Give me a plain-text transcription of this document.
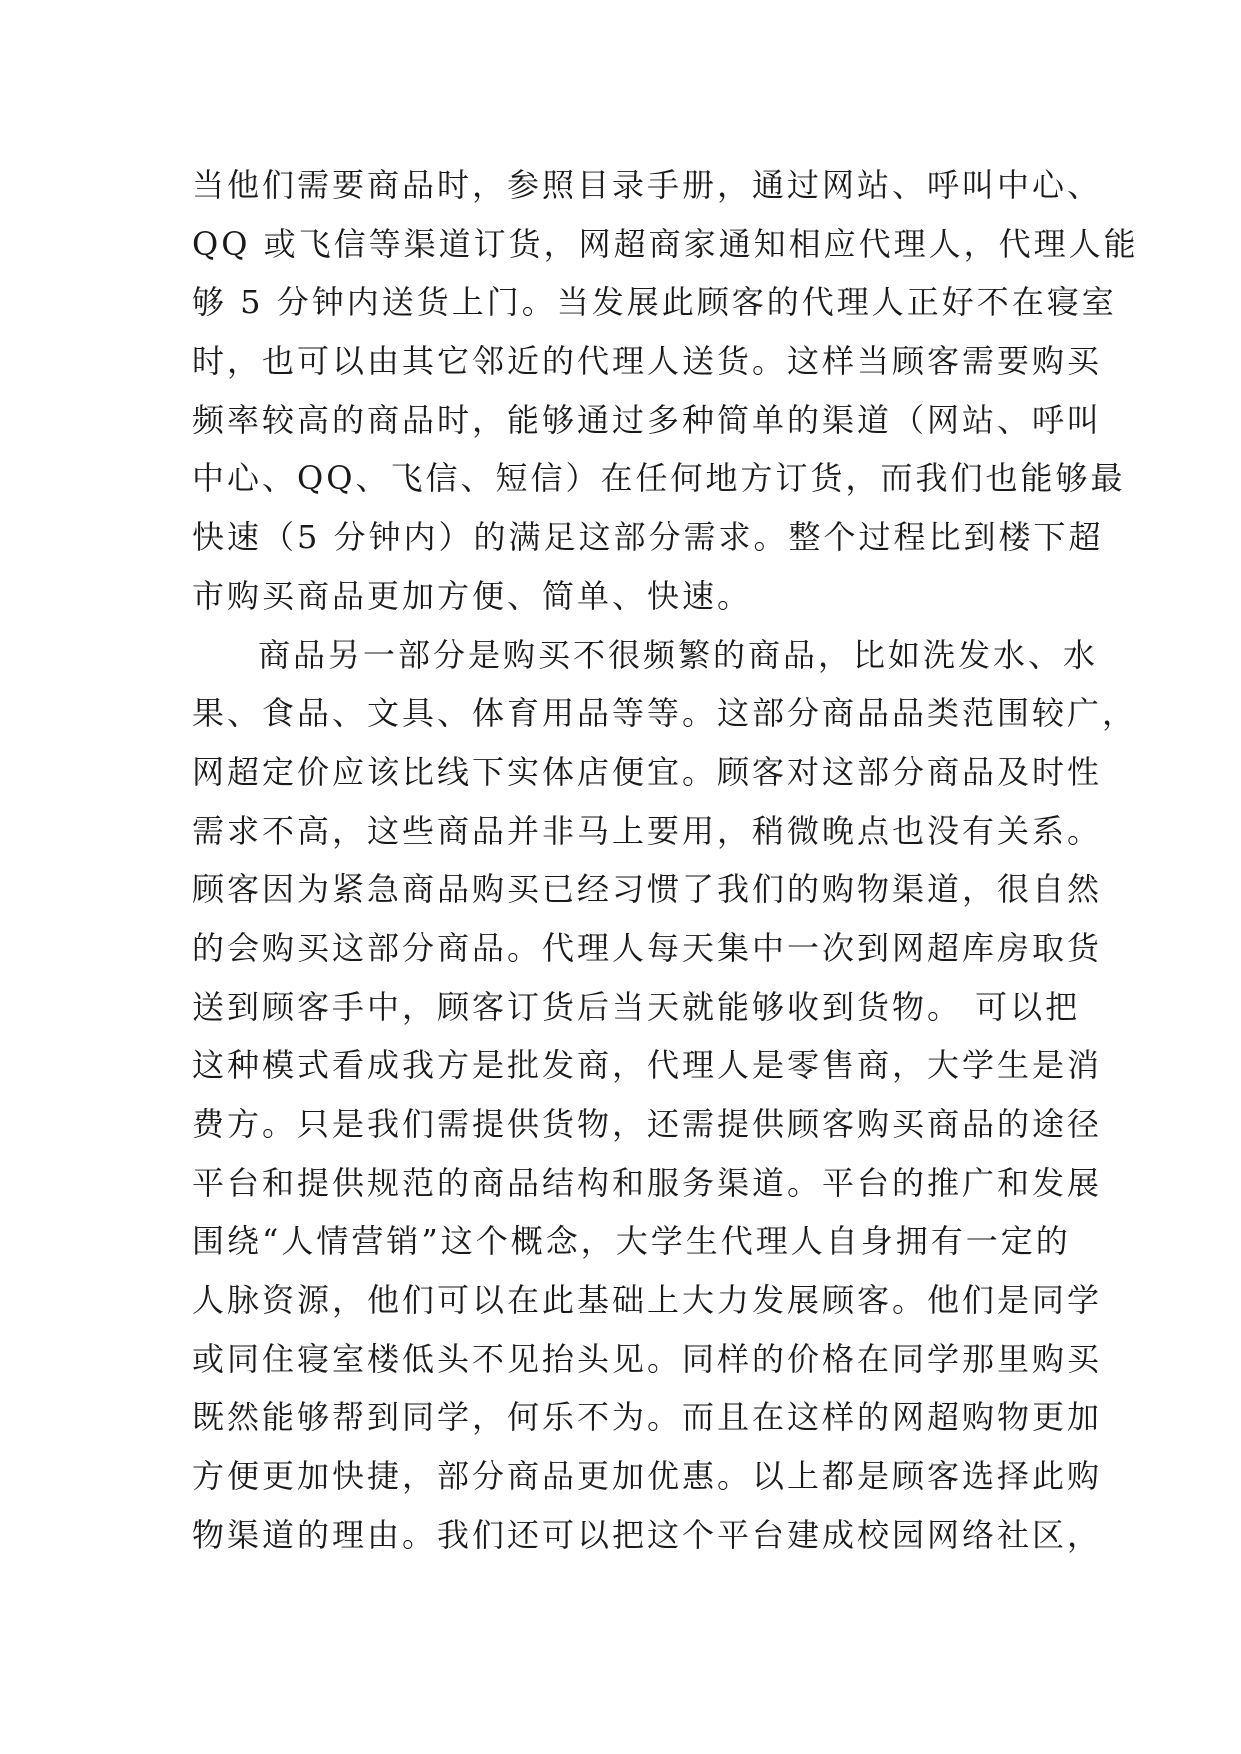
当他们需要商品时，参照目录手册，通过网站、呼叫中心、
QQ 或飞信等渠道订货，网超商家通知相应代理人，代理人能
够 5 分钟内送货上门。当发展此顾客的代理人正好不在寝室
时，也可以由其它邻近的代理人送货。这样当顾客需要购买
频率较高的商品时，能够通过多种简单的渠道（网站、呼叫
中心、QQ、飞信、短信）在任何地方订货，而我们也能够最
快速（5 分钟内）的满足这部分需求。整个过程比到楼下超
市购买商品更加方便、简单、快速。
商品另一部分是购买不很频繁的商品，比如洗发水、水
果、食品、文具、体育用品等等。这部分商品品类范围较广，
网超定价应该比线下实体店便宜。顾客对这部分商品及时性
需求不高，这些商品并非马上要用，稍微晚点也没有关系。
顾客因为紧急商品购买已经习惯了我们的购物渠道，很自然
的会购买这部分商品。代理人每天集中一次到网超库房取货
送到顾客手中，顾客订货后当天就能够收到货物。 可以把
这种模式看成我方是批发商，代理人是零售商，大学生是消
费方。只是我们需提供货物，还需提供顾客购买商品的途径
平台和提供规范的商品结构和服务渠道。平台的推广和发展
围绕“人情营销”这个概念，大学生代理人自身拥有一定的
人脉资源，他们可以在此基础上大力发展顾客。他们是同学
或同住寝室楼低头不见抬头见。同样的价格在同学那里购买
既然能够帮到同学，何乐不为。而且在这样的网超购物更加
方便更加快捷，部分商品更加优惠。以上都是顾客选择此购
物渠道的理由。我们还可以把这个平台建成校园网络社区，
